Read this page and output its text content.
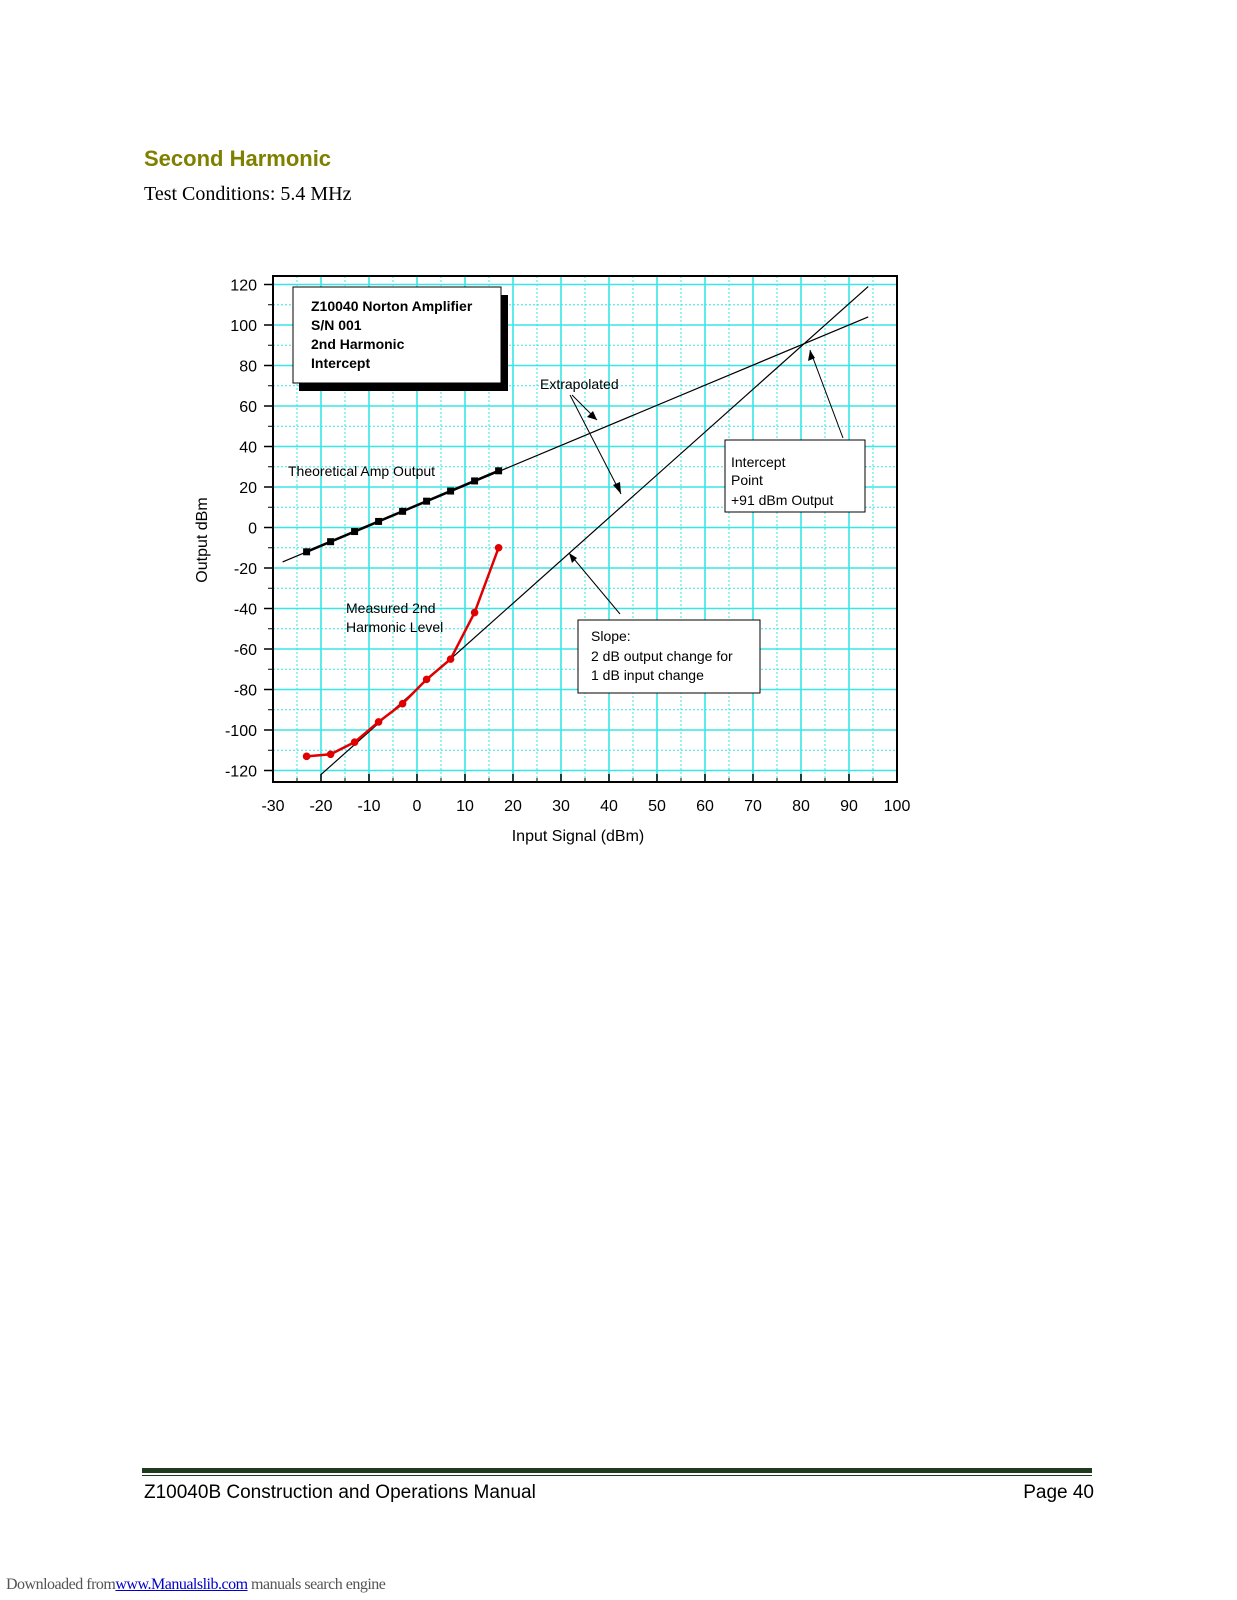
Second Harmonic
Test Conditions: 5.4 MHz
-30 -20 -10 0 10 20 30 40 50 60 70 80 90 100
120
100
80
60
40
20
0
-20
-40
-60
-80
-100
-120
Z10040 Norton Amplifier
S/N 001
2nd Harmonic
Intercept
Theoretical Amp Output
Measured 2nd
Harmonic Level
Extrapolated
Intercept
Point
+91 dBm Output
Slope:
2 dB output change for
1 dB input change
Input Signal (dBm)
Output dBm
Z10040B Construction and Operations Manual	Page 40
Downloaded fromwww.Manualslib.com manuals search engine
